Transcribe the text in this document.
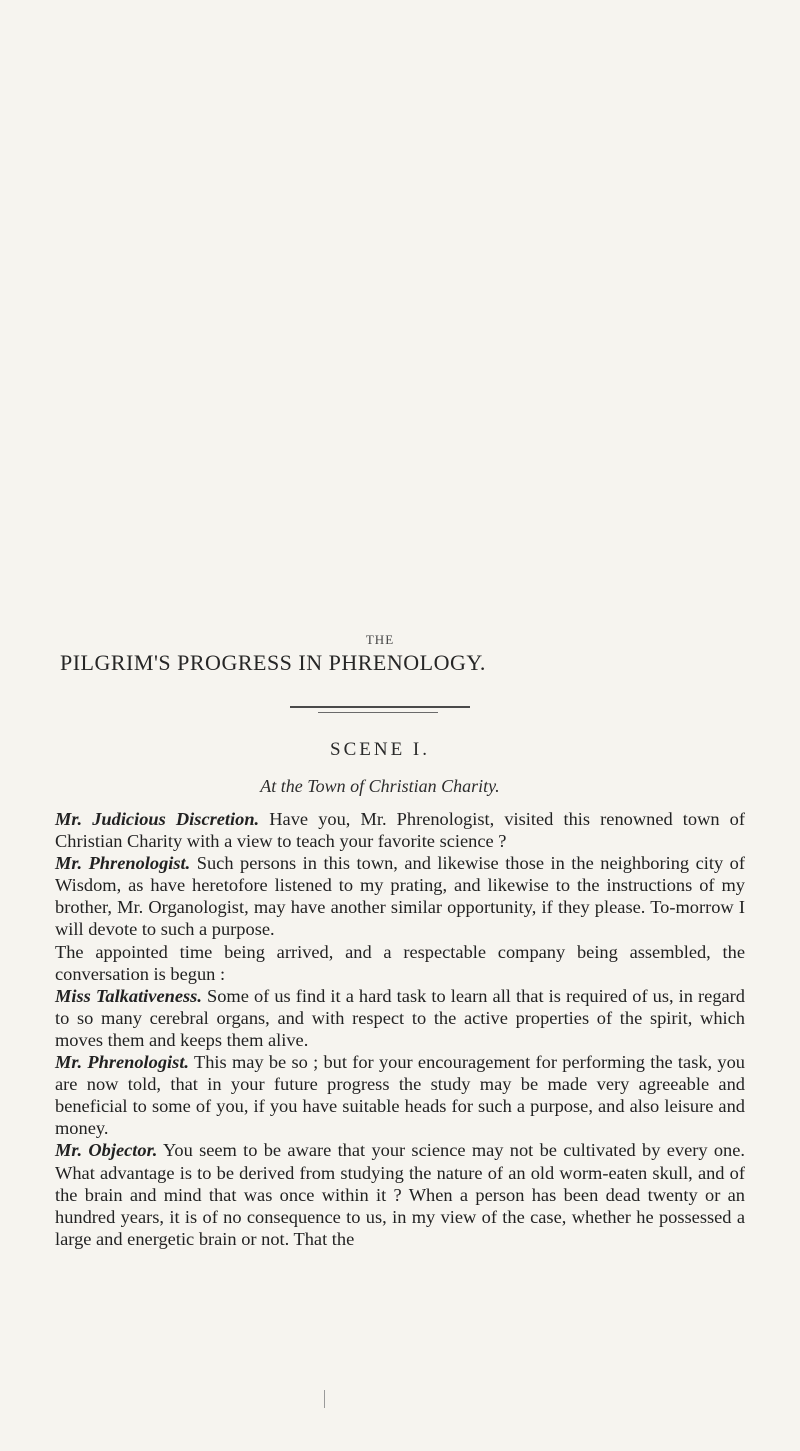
THE
PILGRIM'S PROGRESS IN PHRENOLOGY.
SCENE I.
At the Town of Christian Charity.

Mr. Judicious Discretion. Have you, Mr. Phrenologist, visited this renowned town of Christian Charity with a view to teach your favorite science ?

Mr. Phrenologist. Such persons in this town, and likewise those in the neighboring city of Wisdom, as have heretofore listened to my prating, and likewise to the instructions of my brother, Mr. Organologist, may have another similar opportunity, if they please. To-morrow I will devote to such a purpose.

The appointed time being arrived, and a respectable company being assembled, the conversation is begun :

Miss Talkativeness. Some of us find it a hard task to learn all that is required of us, in regard to so many cerebral organs, and with respect to the active properties of the spirit, which moves them and keeps them alive.

Mr. Phrenologist. This may be so ; but for your encouragement for performing the task, you are now told, that in your future progress the study may be made very agreeable and beneficial to some of you, if you have suitable heads for such a purpose, and also leisure and money.

Mr. Objector. You seem to be aware that your science may not be cultivated by every one. What advantage is to be derived from studying the nature of an old worm-eaten skull, and of the brain and mind that was once within it ? When a person has been dead twenty or an hundred years, it is of no consequence to us, in my view of the case, whether he possessed a large and energetic brain or not. That the
